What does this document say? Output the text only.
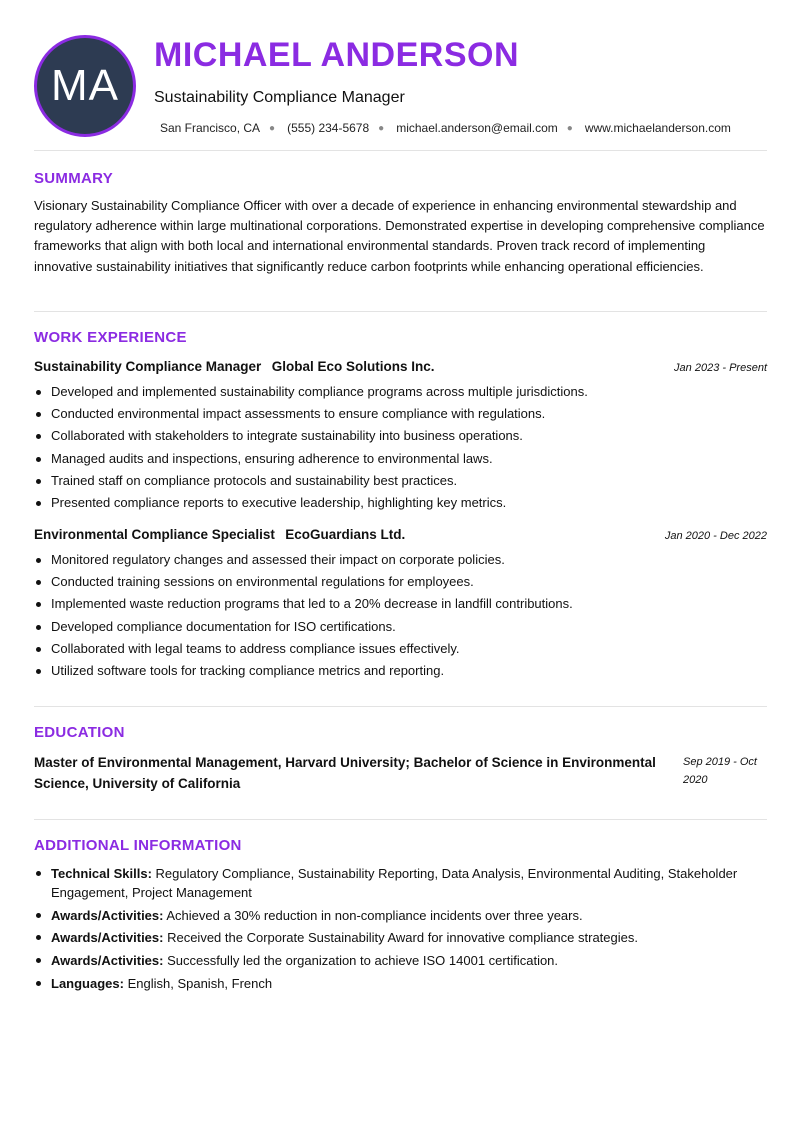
MA
MICHAEL ANDERSON
Sustainability Compliance Manager
San Francisco, CA ● (555) 234-5678 ● michael.anderson@email.com ● www.michaelanderson.com
SUMMARY
Visionary Sustainability Compliance Officer with over a decade of experience in enhancing environmental stewardship and regulatory adherence within large multinational corporations. Demonstrated expertise in developing comprehensive compliance frameworks that align with both local and international environmental standards. Proven track record of implementing innovative sustainability initiatives that significantly reduce carbon footprints while enhancing operational efficiencies.
WORK EXPERIENCE
Sustainability Compliance Manager Global Eco Solutions Inc.	Jan 2023 - Present
Developed and implemented sustainability compliance programs across multiple jurisdictions.
Conducted environmental impact assessments to ensure compliance with regulations.
Collaborated with stakeholders to integrate sustainability into business operations.
Managed audits and inspections, ensuring adherence to environmental laws.
Trained staff on compliance protocols and sustainability best practices.
Presented compliance reports to executive leadership, highlighting key metrics.
Environmental Compliance Specialist EcoGuardians Ltd.	Jan 2020 - Dec 2022
Monitored regulatory changes and assessed their impact on corporate policies.
Conducted training sessions on environmental regulations for employees.
Implemented waste reduction programs that led to a 20% decrease in landfill contributions.
Developed compliance documentation for ISO certifications.
Collaborated with legal teams to address compliance issues effectively.
Utilized software tools for tracking compliance metrics and reporting.
EDUCATION
Master of Environmental Management, Harvard University; Bachelor of Science in Environmental Science, University of California
Sep 2019 - Oct 2020
ADDITIONAL INFORMATION
Technical Skills: Regulatory Compliance, Sustainability Reporting, Data Analysis, Environmental Auditing, Stakeholder Engagement, Project Management
Awards/Activities: Achieved a 30% reduction in non-compliance incidents over three years.
Awards/Activities: Received the Corporate Sustainability Award for innovative compliance strategies.
Awards/Activities: Successfully led the organization to achieve ISO 14001 certification.
Languages: English, Spanish, French
